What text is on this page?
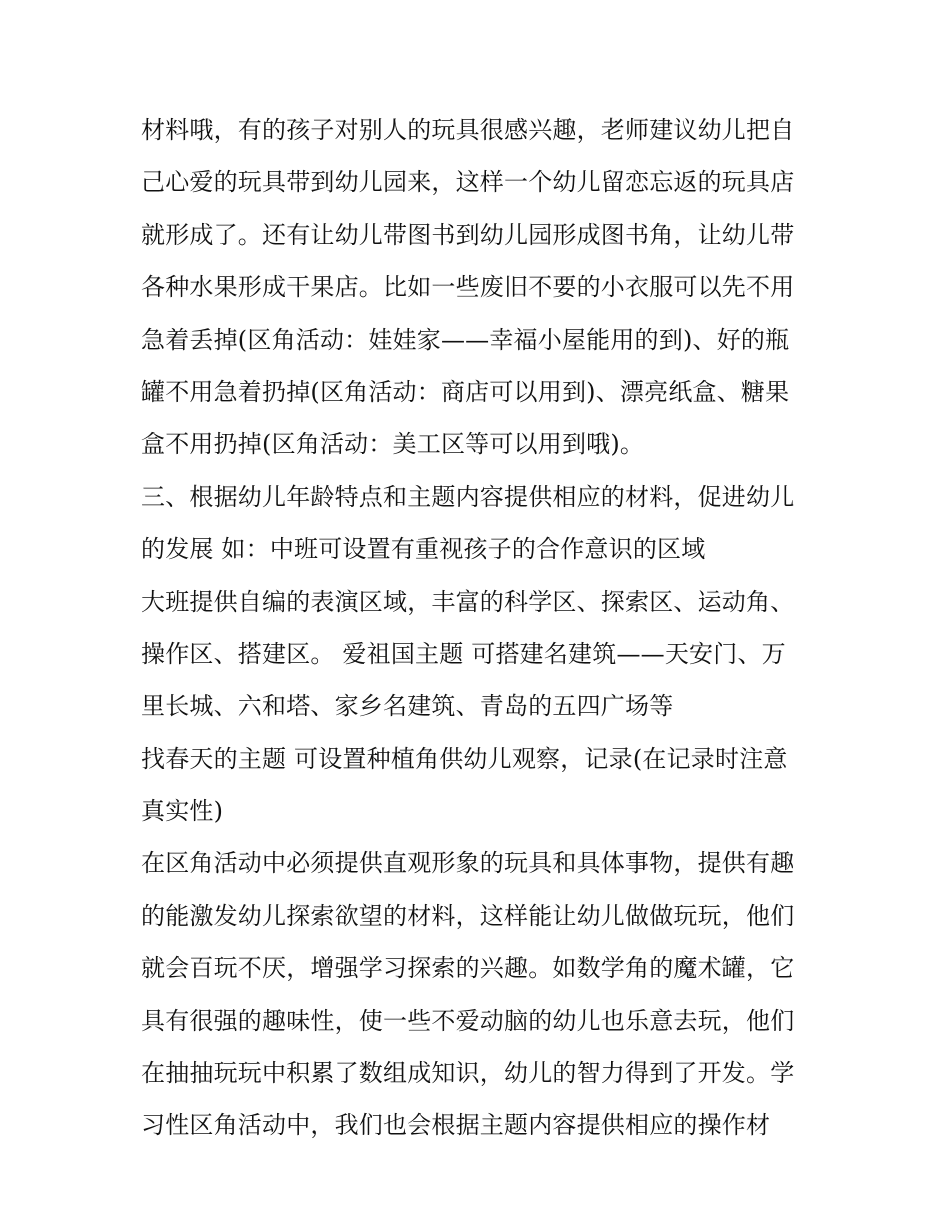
材料哦，有的孩子对别人的玩具很感兴趣，老师建议幼儿把自
己心爱的玩具带到幼儿园来，这样一个幼儿留恋忘返的玩具店
就形成了。还有让幼儿带图书到幼儿园形成图书角，让幼儿带
各种水果形成干果店。比如一些废旧不要的小衣服可以先不用
急着丢掉(区角活动：娃娃家——幸福小屋能用的到)、好的瓶
罐不用急着扔掉(区角活动：商店可以用到)、漂亮纸盒、糖果
盒不用扔掉(区角活动：美工区等可以用到哦)。
三、根据幼儿年龄特点和主题内容提供相应的材料，促进幼儿
的发展 如：中班可设置有重视孩子的合作意识的区域
大班提供自编的表演区域，丰富的科学区、探索区、运动角、
操作区、搭建区。 爱祖国主题 可搭建名建筑——天安门、万
里长城、六和塔、家乡名建筑、青岛的五四广场等
找春天的主题 可设置种植角供幼儿观察，记录(在记录时注意
真实性)
在区角活动中必须提供直观形象的玩具和具体事物，提供有趣
的能激发幼儿探索欲望的材料，这样能让幼儿做做玩玩，他们
就会百玩不厌，增强学习探索的兴趣。如数学角的魔术罐，它
具有很强的趣味性，使一些不爱动脑的幼儿也乐意去玩，他们
在抽抽玩玩中积累了数组成知识，幼儿的智力得到了开发。学
习性区角活动中，我们也会根据主题内容提供相应的操作材
